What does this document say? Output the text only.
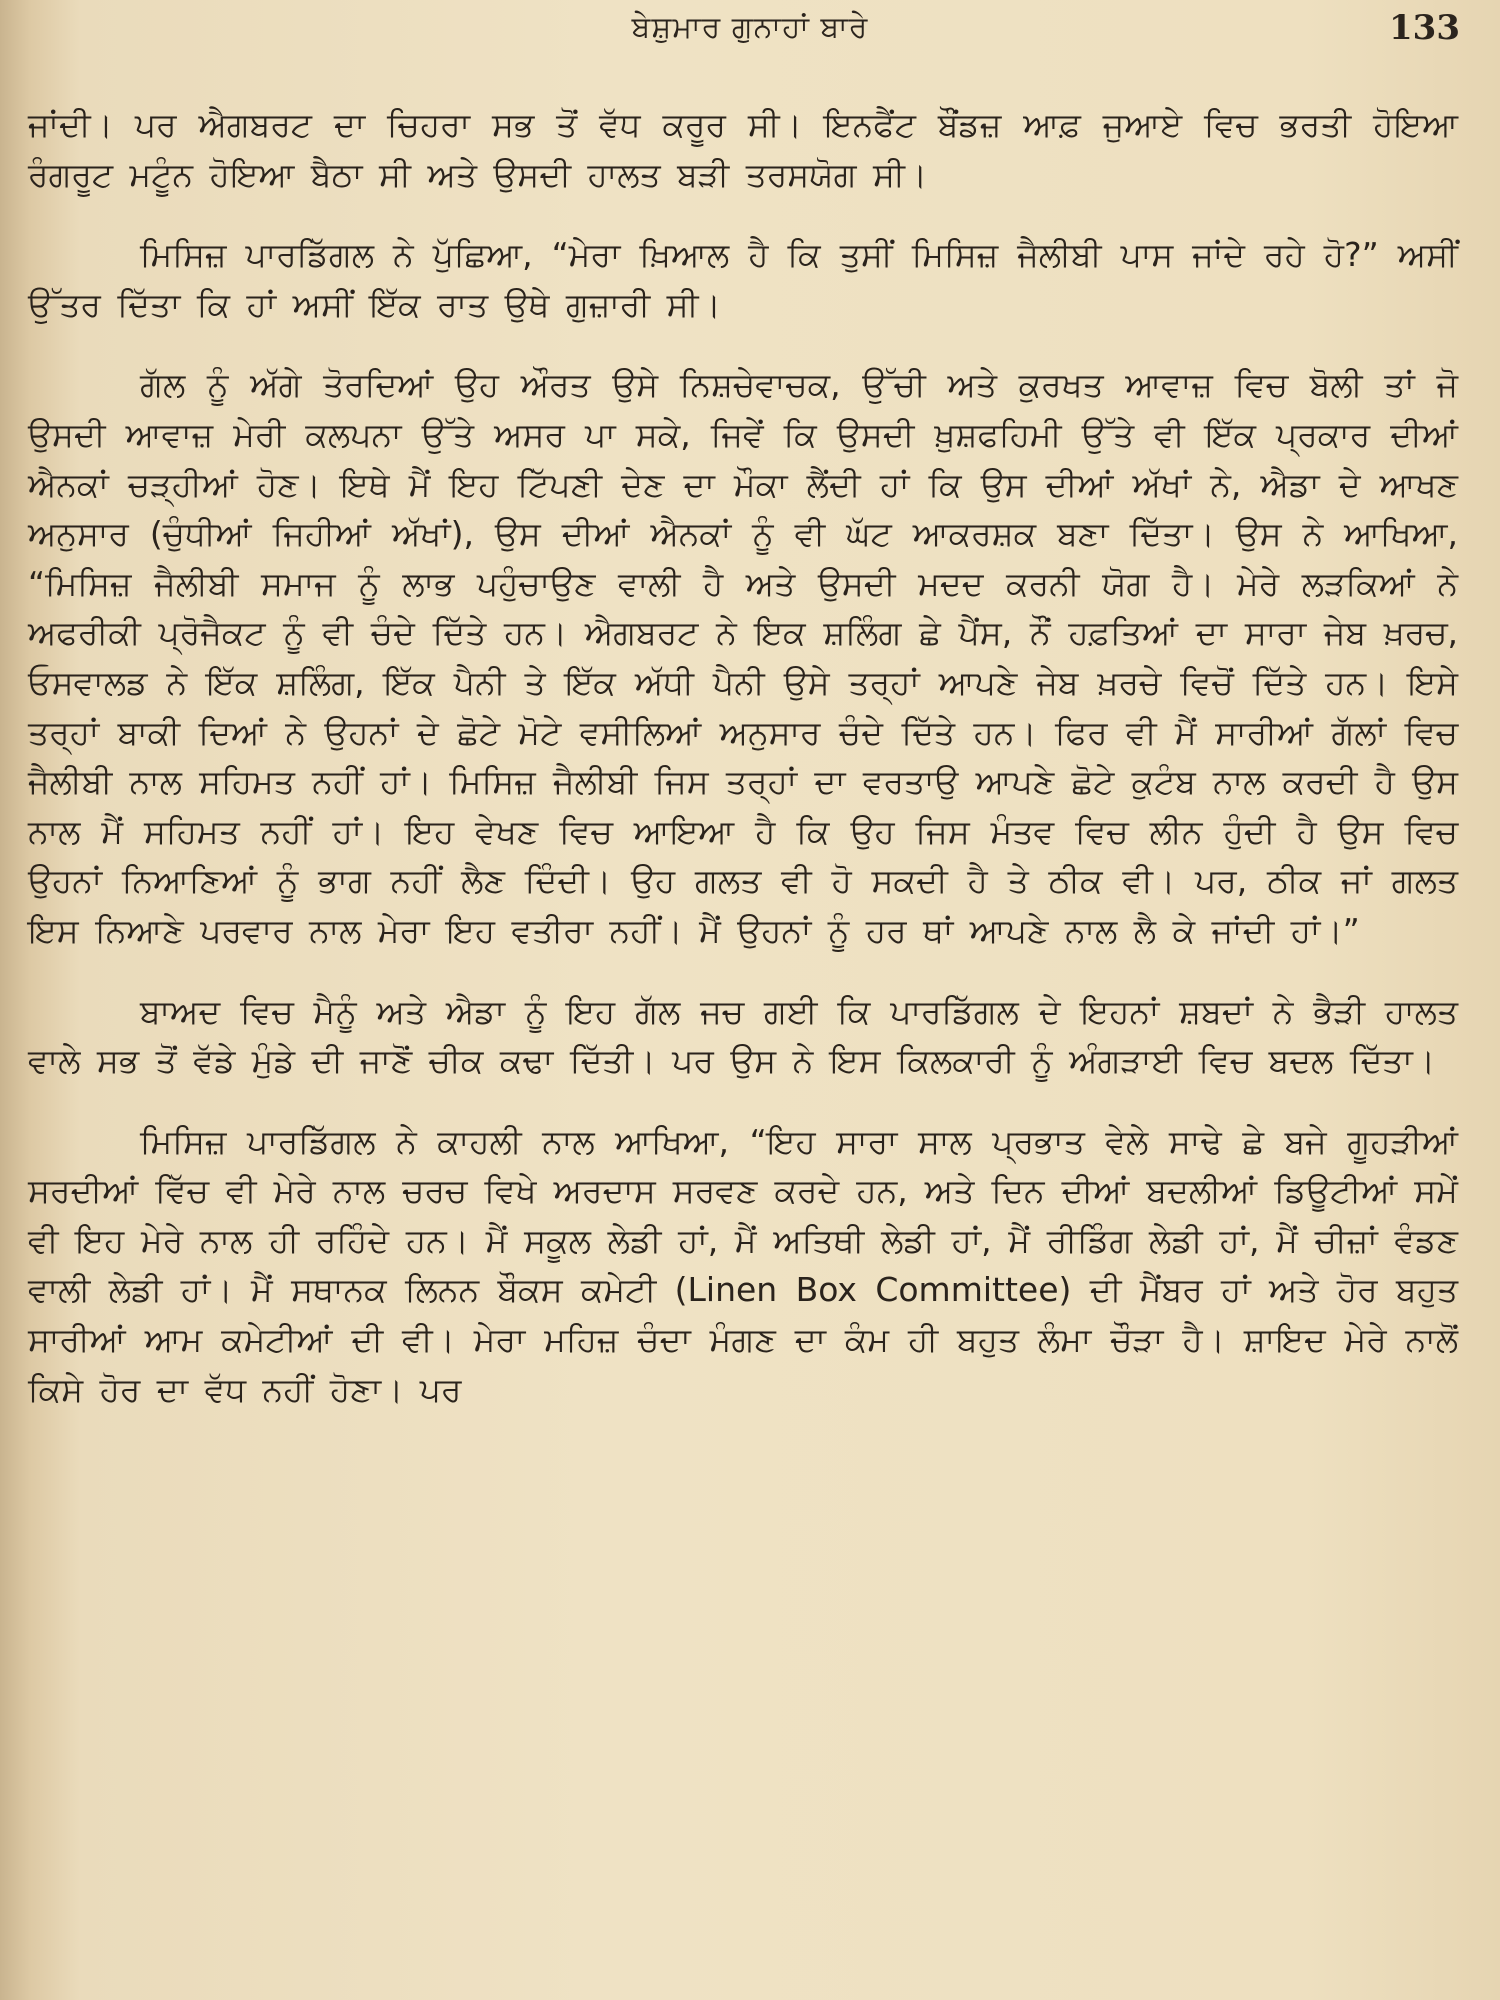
ਬੇਸ਼ੁਮਾਰ ਗੁਨਾਹਾਂ ਬਾਰੇ	133

ਜਾਂਦੀ। ਪਰ ਐਗਬਰਟ ਦਾ ਚਿਹਰਾ ਸਭ ਤੋਂ ਵੱਧ ਕਰੂਰ ਸੀ। ਇਨਫੈਂਟ ਬੌਂਡਜ਼ ਆਫ਼ ਜੁਆਏ ਵਿਚ ਭਰਤੀ ਹੋਇਆ ਰੰਗਰੂਟ ਮਟੂੰਨ ਹੋਇਆ ਬੈਠਾ ਸੀ ਅਤੇ ਉਸਦੀ ਹਾਲਤ ਬੜੀ ਤਰਸਯੋਗ ਸੀ।

ਮਿਸਿਜ਼ ਪਾਰਡਿੱਗਲ ਨੇ ਪੁੱਛਿਆ, “ਮੇਰਾ ਖ਼ਿਆਲ ਹੈ ਕਿ ਤੁਸੀਂ ਮਿਸਿਜ਼ ਜੈਲੀਬੀ ਪਾਸ ਜਾਂਦੇ ਰਹੇ ਹੋ?” ਅਸੀਂ ਉੱਤਰ ਦਿੱਤਾ ਕਿ ਹਾਂ ਅਸੀਂ ਇੱਕ ਰਾਤ ਉਥੇ ਗੁਜ਼ਾਰੀ ਸੀ।

ਗੱਲ ਨੂੰ ਅੱਗੇ ਤੋਰਦਿਆਂ ਉਹ ਔਰਤ ਉਸੇ ਨਿਸ਼ਚੇਵਾਚਕ, ਉੱਚੀ ਅਤੇ ਕੁਰਖਤ ਆਵਾਜ਼ ਵਿਚ ਬੋਲੀ ਤਾਂ ਜੋ ਉਸਦੀ ਆਵਾਜ਼ ਮੇਰੀ ਕਲਪਨਾ ਉੱਤੇ ਅਸਰ ਪਾ ਸਕੇ, ਜਿਵੇਂ ਕਿ ਉਸਦੀ ਖ਼ੁਸ਼ਫਹਿਮੀ ਉੱਤੇ ਵੀ ਇੱਕ ਪ੍ਰਕਾਰ ਦੀਆਂ ਐਨਕਾਂ ਚੜ੍ਹੀਆਂ ਹੋਣ। ਇਥੇ ਮੈਂ ਇਹ ਟਿੱਪਣੀ ਦੇਣ ਦਾ ਮੌਕਾ ਲੈਂਦੀ ਹਾਂ ਕਿ ਉਸ ਦੀਆਂ ਅੱਖਾਂ ਨੇ, ਐਡਾ ਦੇ ਆਖਣ ਅਨੁਸਾਰ (ਚੁੰਧੀਆਂ ਜਿਹੀਆਂ ਅੱਖਾਂ), ਉਸ ਦੀਆਂ ਐਨਕਾਂ ਨੂੰ ਵੀ ਘੱਟ ਆਕਰਸ਼ਕ ਬਣਾ ਦਿੱਤਾ। ਉਸ ਨੇ ਆਖਿਆ, “ਮਿਸਿਜ਼ ਜੈਲੀਬੀ ਸਮਾਜ ਨੂੰ ਲਾਭ ਪਹੁੰਚਾਉਣ ਵਾਲੀ ਹੈ ਅਤੇ ਉਸਦੀ ਮਦਦ ਕਰਨੀ ਯੋਗ ਹੈ। ਮੇਰੇ ਲੜਕਿਆਂ ਨੇ ਅਫਰੀਕੀ ਪ੍ਰੋਜੈਕਟ ਨੂੰ ਵੀ ਚੰਦੇ ਦਿੱਤੇ ਹਨ। ਐਗਬਰਟ ਨੇ ਇਕ ਸ਼ਲਿੰਗ ਛੇ ਪੈਂਸ, ਨੌਂ ਹਫ਼ਤਿਆਂ ਦਾ ਸਾਰਾ ਜੇਬ ਖ਼ਰਚ, ਓਸਵਾਲਡ ਨੇ ਇੱਕ ਸ਼ਲਿੰਗ, ਇੱਕ ਪੈਨੀ ਤੇ ਇੱਕ ਅੱਧੀ ਪੈਨੀ ਉਸੇ ਤਰ੍ਹਾਂ ਆਪਣੇ ਜੇਬ ਖ਼ਰਚੇ ਵਿਚੋਂ ਦਿੱਤੇ ਹਨ। ਇਸੇ ਤਰ੍ਹਾਂ ਬਾਕੀ ਦਿਆਂ ਨੇ ਉਹਨਾਂ ਦੇ ਛੋਟੇ ਮੋਟੇ ਵਸੀਲਿਆਂ ਅਨੁਸਾਰ ਚੰਦੇ ਦਿੱਤੇ ਹਨ। ਫਿਰ ਵੀ ਮੈਂ ਸਾਰੀਆਂ ਗੱਲਾਂ ਵਿਚ ਜੈਲੀਬੀ ਨਾਲ ਸਹਿਮਤ ਨਹੀਂ ਹਾਂ। ਮਿਸਿਜ਼ ਜੈਲੀਬੀ ਜਿਸ ਤਰ੍ਹਾਂ ਦਾ ਵਰਤਾਉ ਆਪਣੇ ਛੋਟੇ ਕੁਟੰਬ ਨਾਲ ਕਰਦੀ ਹੈ ਉਸ ਨਾਲ ਮੈਂ ਸਹਿਮਤ ਨਹੀਂ ਹਾਂ। ਇਹ ਵੇਖਣ ਵਿਚ ਆਇਆ ਹੈ ਕਿ ਉਹ ਜਿਸ ਮੰਤਵ ਵਿਚ ਲੀਨ ਹੁੰਦੀ ਹੈ ਉਸ ਵਿਚ ਉਹਨਾਂ ਨਿਆਣਿਆਂ ਨੂੰ ਭਾਗ ਨਹੀਂ ਲੈਣ ਦਿੰਦੀ। ਉਹ ਗਲਤ ਵੀ ਹੋ ਸਕਦੀ ਹੈ ਤੇ ਠੀਕ ਵੀ। ਪਰ, ਠੀਕ ਜਾਂ ਗਲਤ ਇਸ ਨਿਆਣੇ ਪਰਵਾਰ ਨਾਲ ਮੇਰਾ ਇਹ ਵਤੀਰਾ ਨਹੀਂ। ਮੈਂ ਉਹਨਾਂ ਨੂੰ ਹਰ ਥਾਂ ਆਪਣੇ ਨਾਲ ਲੈ ਕੇ ਜਾਂਦੀ ਹਾਂ।”

ਬਾਅਦ ਵਿਚ ਮੈਨੂੰ ਅਤੇ ਐਡਾ ਨੂੰ ਇਹ ਗੱਲ ਜਚ ਗਈ ਕਿ ਪਾਰਡਿੱਗਲ ਦੇ ਇਹਨਾਂ ਸ਼ਬਦਾਂ ਨੇ ਭੈੜੀ ਹਾਲਤ ਵਾਲੇ ਸਭ ਤੋਂ ਵੱਡੇ ਮੁੰਡੇ ਦੀ ਜਾਣੋਂ ਚੀਕ ਕਢਾ ਦਿੱਤੀ। ਪਰ ਉਸ ਨੇ ਇਸ ਕਿਲਕਾਰੀ ਨੂੰ ਅੰਗੜਾਈ ਵਿਚ ਬਦਲ ਦਿੱਤਾ।

ਮਿਸਿਜ਼ ਪਾਰਡਿੱਗਲ ਨੇ ਕਾਹਲੀ ਨਾਲ ਆਖਿਆ, “ਇਹ ਸਾਰਾ ਸਾਲ ਪ੍ਰਭਾਤ ਵੇਲੇ ਸਾਢੇ ਛੇ ਬਜੇ ਗੂਹੜੀਆਂ ਸਰਦੀਆਂ ਵਿੱਚ ਵੀ ਮੇਰੇ ਨਾਲ ਚਰਚ ਵਿਖੇ ਅਰਦਾਸ ਸਰਵਣ ਕਰਦੇ ਹਨ, ਅਤੇ ਦਿਨ ਦੀਆਂ ਬਦਲੀਆਂ ਡਿਊਟੀਆਂ ਸਮੇਂ ਵੀ ਇਹ ਮੇਰੇ ਨਾਲ ਹੀ ਰਹਿੰਦੇ ਹਨ। ਮੈਂ ਸਕੂਲ ਲੇਡੀ ਹਾਂ, ਮੈਂ ਅਤਿਥੀ ਲੇਡੀ ਹਾਂ, ਮੈਂ ਰੀਡਿੰਗ ਲੇਡੀ ਹਾਂ, ਮੈਂ ਚੀਜ਼ਾਂ ਵੰਡਣ ਵਾਲੀ ਲੇਡੀ ਹਾਂ। ਮੈਂ ਸਥਾਨਕ ਲਿਨਨ ਬੌਕਸ ਕਮੇਟੀ (Linen Box Committee) ਦੀ ਮੈਂਬਰ ਹਾਂ ਅਤੇ ਹੋਰ ਬਹੁਤ ਸਾਰੀਆਂ ਆਮ ਕਮੇਟੀਆਂ ਦੀ ਵੀ। ਮੇਰਾ ਮਹਿਜ਼ ਚੰਦਾ ਮੰਗਣ ਦਾ ਕੰਮ ਹੀ ਬਹੁਤ ਲੰਮਾ ਚੌੜਾ ਹੈ। ਸ਼ਾਇਦ ਮੇਰੇ ਨਾਲੋਂ ਕਿਸੇ ਹੋਰ ਦਾ ਵੱਧ ਨਹੀਂ ਹੋਣਾ। ਪਰ
